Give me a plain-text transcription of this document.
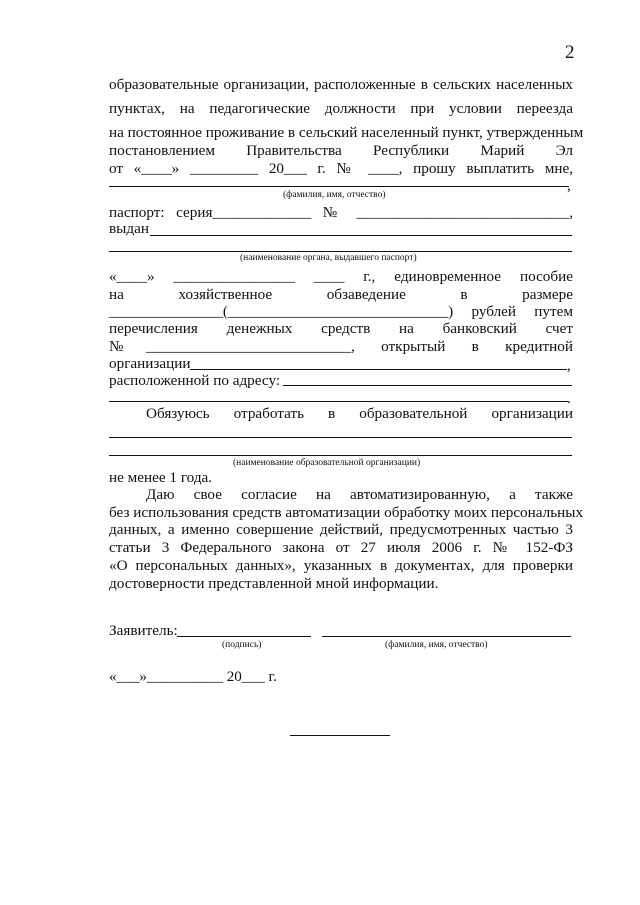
2
образовательные организации, расположенные в сельских населенных
пунктах, на педагогические должности при условии переезда
на постоянное проживание в сельский населенный пункт, утвержденным
постановлением Правительства Республики Марий Эл
от «____» _________ 20___ г. № ____, прошу выплатить мне,
,
(фамилия, имя, отчество)
паспорт: серия_____________ № ____________________________,
выдан
(наименование органа, выдавшего паспорт)
«____» ________________ ____ г., единовременное пособие
на хозяйственное обзаведение в размере
_______________(_____________________________) рублей путем
перечисления денежных средств на банковский счет
№___________________________, открытый в кредитной
организации	,
расположенной по адресу:
.
Обязуюсь отработать в образовательной организации
(наименование образовательной организации)
не менее 1 года.
Даю свое согласие на автоматизированную, а также
без использования средств автоматизации обработку моих персональных
данных, а именно совершение действий, предусмотренных частью 3
статьи 3 Федерального закона от 27 июля 2006 г. № 152-ФЗ
«О персональных данных», указанных в документах, для проверки
достоверности представленной мной информации.
Заявитель:
(подпись)	(фамилия, имя, отчество)
«___»__________ 20___ г.
